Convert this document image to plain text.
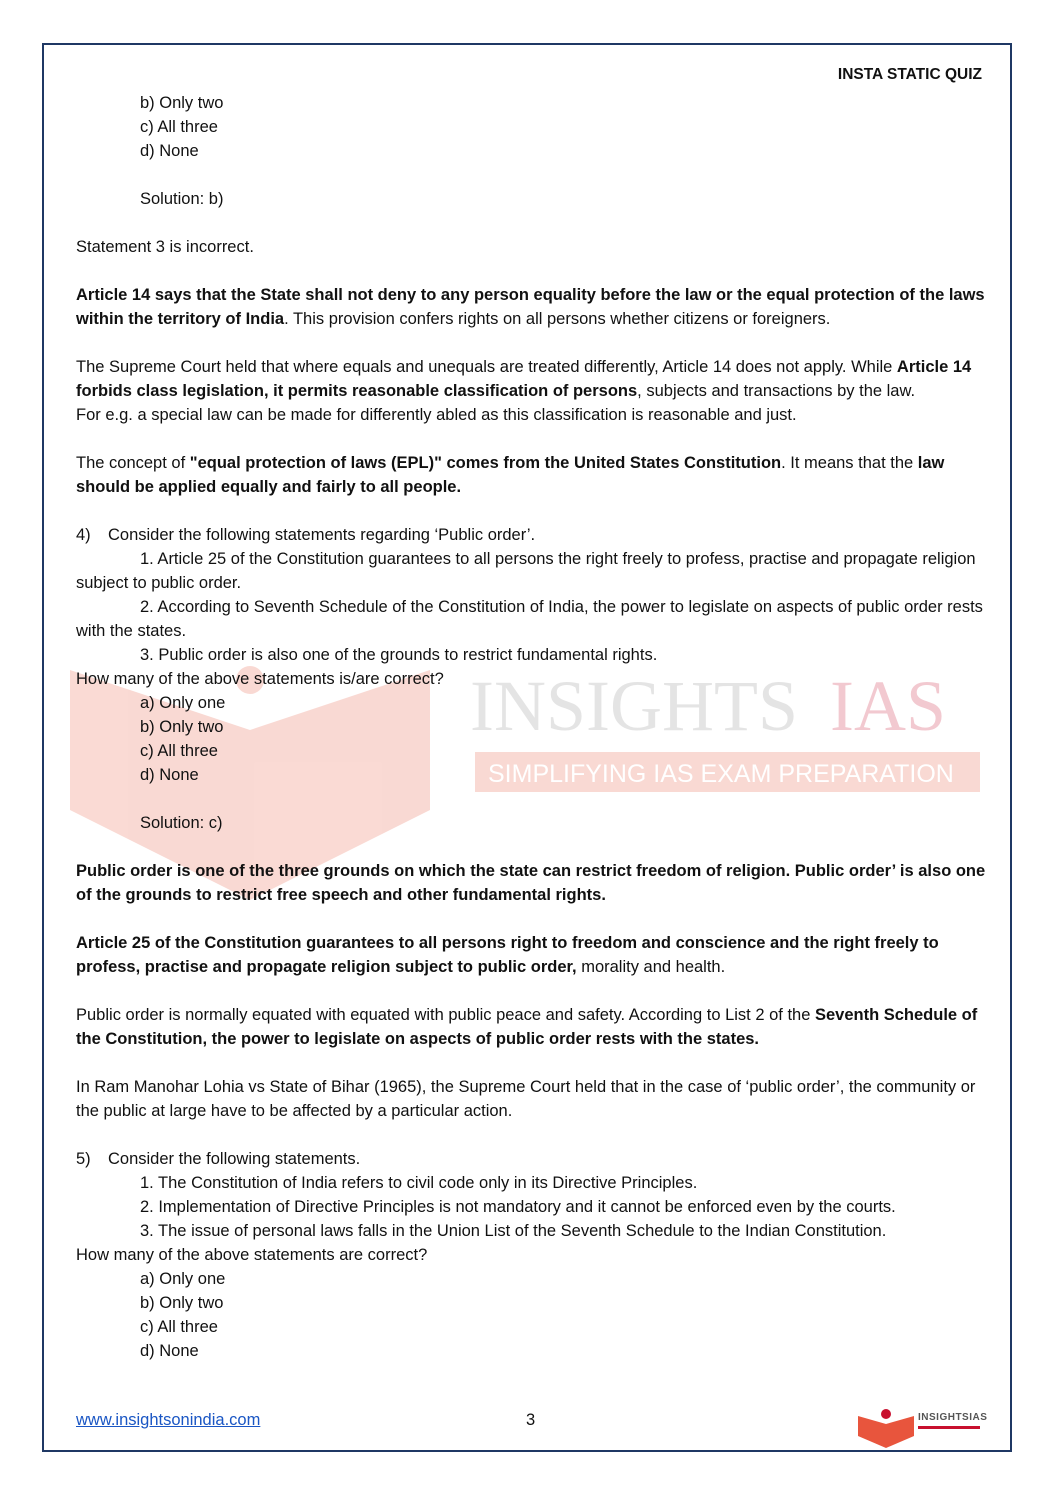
INSIGHTS IAS
SIMPLIFYING IAS EXAM PREPARATION
INSTA STATIC QUIZ

b) Only two

c) All three

d) None

Solution: b)

Statement 3 is incorrect.

Article 14 says that the State shall not deny to any person equality before the law or the equal protection of the laws within the territory of India. This provision confers rights on all persons whether citizens or foreigners.

The Supreme Court held that where equals and unequals are treated differently, Article 14 does not apply. While Article 14 forbids class legislation, it permits reasonable classification of persons, subjects and transactions by the law.

For e.g. a special law can be made for differently abled as this classification is reasonable and just.

The concept of "equal protection of laws (EPL)" comes from the United States Constitution. It means that the law should be applied equally and fairly to all people.

4) Consider the following statements regarding ‘Public order’.

1. Article 25 of the Constitution guarantees to all persons the right freely to profess, practise and propagate religion subject to public order.

2. According to Seventh Schedule of the Constitution of India, the power to legislate on aspects of public order rests with the states.

3. Public order is also one of the grounds to restrict fundamental rights.

How many of the above statements is/are correct?

a) Only one

b) Only two

c) All three

d) None

Solution: c)

Public order is one of the three grounds on which the state can restrict freedom of religion. Public order’ is also one of the grounds to restrict free speech and other fundamental rights.

Article 25 of the Constitution guarantees to all persons right to freedom and conscience and the right freely to profess, practise and propagate religion subject to public order, morality and health.

Public order is normally equated with equated with public peace and safety. According to List 2 of the Seventh Schedule of the Constitution, the power to legislate on aspects of public order rests with the states.

In Ram Manohar Lohia vs State of Bihar (1965), the Supreme Court held that in the case of ‘public order’, the community or the public at large have to be affected by a particular action.

5) Consider the following statements.

1. The Constitution of India refers to civil code only in its Directive Principles.

2. Implementation of Directive Principles is not mandatory and it cannot be enforced even by the courts.

3. The issue of personal laws falls in the Union List of the Seventh Schedule to the Indian Constitution.

How many of the above statements are correct?

a) Only one

b) Only two

c) All three

d) None

www.insightsonindia.com	3	INSIGHTSIAS
